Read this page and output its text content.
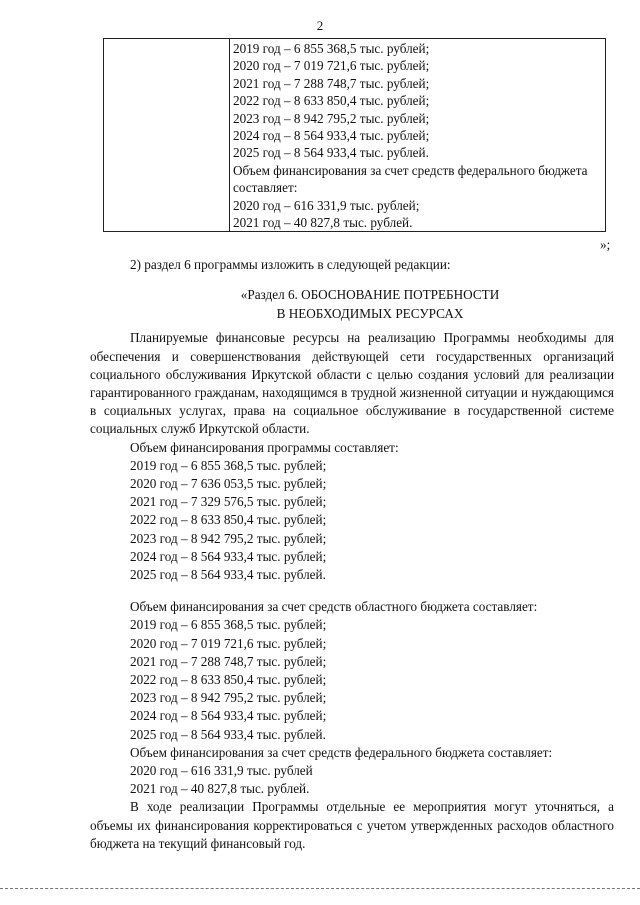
2

2019 год – 6 855 368,5 тыс. рублей;
2020 год – 7 019 721,6 тыс. рублей;
2021 год – 7 288 748,7 тыс. рублей;
2022 год – 8 633 850,4 тыс. рублей;
2023 год – 8 942 795,2 тыс. рублей;
2024 год – 8 564 933,4 тыс. рублей;
2025 год – 8 564 933,4 тыс. рублей.
Объем финансирования за счет средств федерального бюджета составляет:
2020 год – 616 331,9 тыс. рублей;
2021 год – 40 827,8 тыс. рублей.
»;
2) раздел 6 программы изложить в следующей редакции:
«Раздел 6. ОБОСНОВАНИЕ ПОТРЕБНОСТИ
В НЕОБХОДИМЫХ РЕСУРСАХ
Планируемые финансовые ресурсы на реализацию Программы необходимы для обеспечения и совершенствования действующей сети государственных организаций социального обслуживания Иркутской области с целью создания условий для реализации гарантированного гражданам, находящимся в трудной жизненной ситуации и нуждающимся в социальных услугах, права на социальное обслуживание в государственной системе социальных служб Иркутской области.
Объем финансирования программы составляет:
2019 год – 6 855 368,5 тыс. рублей;
2020 год – 7 636 053,5 тыс. рублей;
2021 год – 7 329 576,5 тыс. рублей;
2022 год – 8 633 850,4 тыс. рублей;
2023 год – 8 942 795,2 тыс. рублей;
2024 год – 8 564 933,4 тыс. рублей;
2025 год – 8 564 933,4 тыс. рублей.
Объем финансирования за счет средств областного бюджета составляет:
2019 год – 6 855 368,5 тыс. рублей;
2020 год – 7 019 721,6 тыс. рублей;
2021 год – 7 288 748,7 тыс. рублей;
2022 год – 8 633 850,4 тыс. рублей;
2023 год – 8 942 795,2 тыс. рублей;
2024 год – 8 564 933,4 тыс. рублей;
2025 год – 8 564 933,4 тыс. рублей.
Объем финансирования за счет средств федерального бюджета составляет:
2020 год – 616 331,9 тыс. рублей
2021 год – 40 827,8 тыс. рублей.
В ходе реализации Программы отдельные ее мероприятия могут уточняться, а объемы их финансирования корректироваться с учетом утвержденных расходов областного бюджета на текущий финансовый год.
